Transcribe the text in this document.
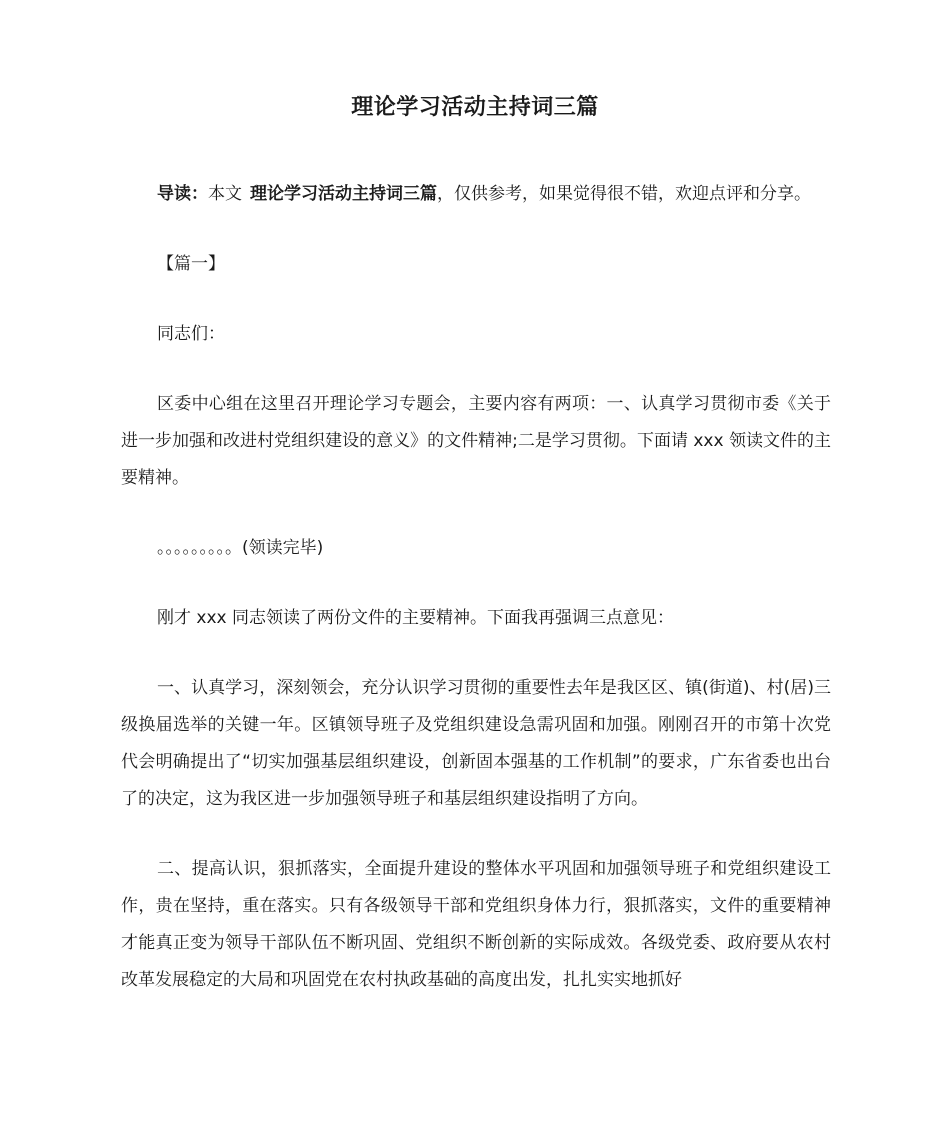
理论学习活动主持词三篇

导读：本文 理论学习活动主持词三篇，仅供参考，如果觉得很不错，欢迎点评和分享。

【篇一】

同志们：

区委中心组在这里召开理论学习专题会，主要内容有两项：一、认真学习贯彻市委《关于进一步加强和改进村党组织建设的意义》的文件精神;二是学习贯彻。下面请 xxx 领读文件的主要精神。

。。。。。。。。。(领读完毕)

刚才 xxx 同志领读了两份文件的主要精神。下面我再强调三点意见：

一、认真学习，深刻领会，充分认识学习贯彻的重要性去年是我区区、镇(街道)、村(居)三级换届选举的关键一年。区镇领导班子及党组织建设急需巩固和加强。刚刚召开的市第十次党代会明确提出了“切实加强基层组织建设，创新固本强基的工作机制”的要求，广东省委也出台了的决定，这为我区进一步加强领导班子和基层组织建设指明了方向。

二、提高认识，狠抓落实，全面提升建设的整体水平巩固和加强领导班子和党组织建设工作，贵在坚持，重在落实。只有各级领导干部和党组织身体力行，狠抓落实，文件的重要精神才能真正变为领导干部队伍不断巩固、党组织不断创新的实际成效。各级党委、政府要从农村改革发展稳定的大局和巩固党在农村执政基础的高度出发，扎扎实实地抓好
